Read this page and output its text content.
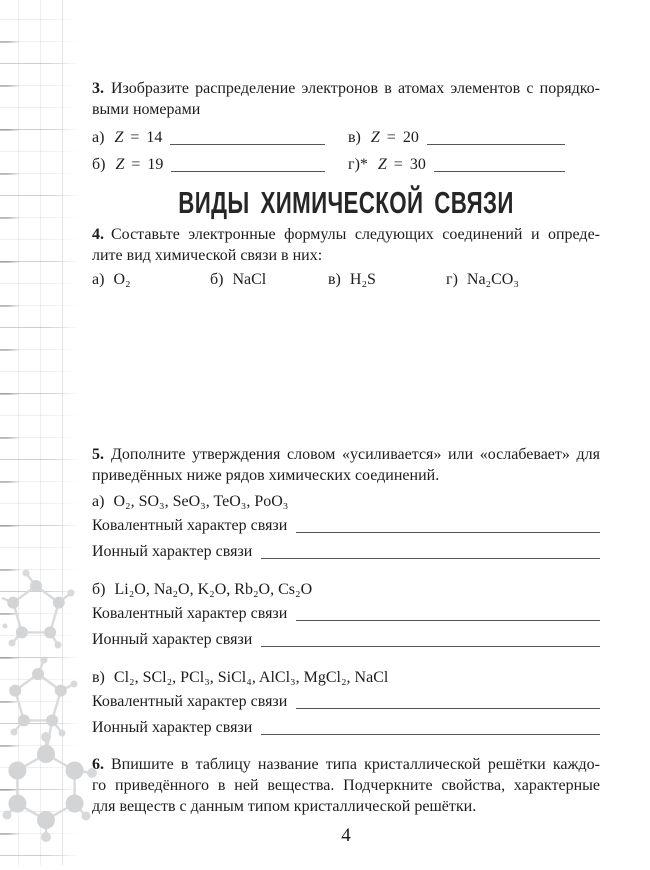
3. Изобразите распределение электронов в атомах элементов с порядко-
выми номерами
а) Z = 14	в) Z = 20
б) Z = 19	г)* Z = 30
ВИДЫ ХИМИЧЕСКОЙ СВЯЗИ
4. Составьте электронные формулы следующих соединений и опреде-
лите вид химической связи в них:
а) O₂	б) NaCl	в) H₂S	г) Na₂CO₃
5. Дополните утверждения словом «усиливается» или «ослабевает» для
приведённых ниже рядов химических соединений.
а) O₂, SO₃, SeO₃, TeO₃, PoO₃
Ковалентный характер связи
Ионный характер связи
б) Li₂O, Na₂O, K₂O, Rb₂O, Cs₂O
Ковалентный характер связи
Ионный характер связи
в) Cl₂, SCl₂, PCl₃, SiCl₄, AlCl₃, MgCl₂, NaCl
Ковалентный характер связи
Ионный характер связи
6. Впишите в таблицу название типа кристаллической решётки каждо-
го приведённого в ней вещества. Подчеркните свойства, характерные
для веществ с данным типом кристаллической решётки.
4
